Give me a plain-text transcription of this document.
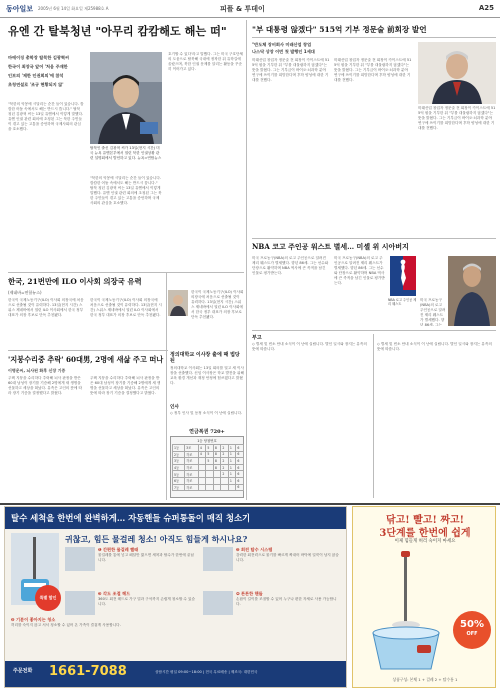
동아일보 2005년 6월 14일 화요일 제25988호 A	피플 & 투데이	A25
유엔 간 탈북청년 "아무리 캄캄해도 해는 떠"
마에이징 총학장 탈북한 김광혁씨
한국이 최장국 앞어 '처음 주재한
인보의 '제한 인권회의'에 참석
초청연설로 '조규 현황되지 않'
"북한의 악몽에 시달리는 순간 들이 있습니다. 캄캄한 어둠 속에서도 해는 반드시 뜹니다." 탈북 청년 김광혁 씨는 13일 유엔에서 이렇게 말했다. 유엔 인권 관련 회의에 초청된 그는 북한 주민들이 겪고 있는 고통을 증언하며 국제사회의 관심을 호소했다.
탈북인 출신 김광혁 씨가 13일(현지 시간) 미국 뉴욕 유엔본부에서 열린 북한 인권상황 관련 설명회에서 발언하고 있다. 뉴욕=연합뉴스
"북한의 악몽에 시달리는 순간 들이 있습니다. 캄캄한 어둠 속에서도 해는 반드시 뜹니다." 탈북 청년 김광혁 씨는 13일 유엔에서 이렇게 말했다. 유엔 인권 관련 회의에 초청된 그는 북한 주민들이 겪고 있는 고통을 증언하며 국제사회의 관심을 호소했다.
호기할 수 있다'라고 말했다. 그는 미국 구호단체의 도움으로 탈북해 국내에 정착한 뒤 유학길에 올랐으며, 북한 인권 문제를 알리는 활동을 꾸준히 이어가고 있다.
한국, 21번만에 ILO 이사회 의장국 유력
(제네바=연합뉴스)
한국이 국제노동기구(ILO) 이사회 의장국에 처음으로 선출될 것이 유력하다. 13일(현지 시간) 스위스 제네바에서 열린 ILO 이사회에서 한국 정부 대표가 의장 후보로 단독 추천됐다.
한국이 국제노동기구(ILO) 이사회 의장국에 처음으로 선출될 것이 유력하다. 13일(현지 시간) 스위스 제네바에서 열린 ILO 이사회에서 한국 정부 대표가 의장 후보로 단독 추천됐다.
한국이 국제노동기구(ILO) 이사회 의장국에 처음으로 선출될 것이 유력하다. 13일(현지 시간) 스위스 제네바에서 열린 ILO 이사회에서 한국 정부 대표가 의장 후보로 단독 추천됐다.
'지붕수리중 추락' 60대男, 2명에 새삶 주고 떠나
이명운씨, 뇌사된 화후 신장 기증
주택 지붕을 수리하다 추락해 뇌사 판정을 받은 60대 남성이 장기를 기증해 2명에게 새 생명을 선물하고 세상을 떠났다. 유족은 고인의 뜻에 따라 장기 기증을 결정했다고 밝혔다.
주택 지붕을 수리하다 추락해 뇌사 판정을 받은 60대 남성이 장기를 기증해 2명에게 새 생명을 선물하고 세상을 떠났다. 유족은 고인의 뜻에 따라 장기 기증을 결정했다고 밝혔다.
정의대학교 이사장 출에 때 법당된
정의대학교 이사회는 13일 회의를 열고 새 이사장을 선출했다. 신임 이사장은 학교 발전을 위해 교육 환경 개선과 재정 안정에 힘쓰겠다고 밝혔다.
인사
◇ 정부 인사 및 동정 소식이 이 난에 실립니다.
연금복권 720+
1등 당첨번호
1등	3조	4	5	8	2	1	6
2등	각조	4	5	8	2	1	6
3등	각조		5	8	2	1	6
4등	각조			8	2	1	6
5등	각조				2	1	6
6등	각조					1	6
7등	각조						6
"부 대통령 않겠다" 515억 기부 정문술 前회장 발언
"반도체 장비회사 미래산업 창업
나스닥 상장 이번 첫 발행인 1세대
미래산업 창업자 정문술 전 회장이 카이스트에 515억 원을 기부한 뒤 "부를 대물림하지 않겠다"는 뜻을 밝혔다. 그는 기부금이 바이오·뇌과학 분야 연구에 쓰이기를 희망한다며 후학 양성에 대한 기대를 전했다.
미래산업 창업자 정문술 전 회장이 카이스트에 515억 원을 기부한 뒤 "부를 대물림하지 않겠다"는 뜻을 밝혔다. 그는 기부금이 바이오·뇌과학 분야 연구에 쓰이기를 희망한다며 후학 양성에 대한 기대를 전했다.
미래산업 창업자 정문술 전 회장이 카이스트에 515억 원을 기부한 뒤 "부를 대물림하지 않겠다"는 뜻을 밝혔다. 그는 기부금이 바이오·뇌과학 분야 연구에 쓰이기를 희망한다며 후학 양성에 대한 기대를 전했다.
NBA 코고 주인공 워스트 별세… 미셸 위 시아버지
미국 프로농구(NBA)의 로고 주인공으로 알려진 제리 웨스트가 별세했다. 향년 86세. 그는 선수와 단장으로 활약하며 NBA 역사에 큰 족적을 남긴 인물로 평가받는다.
미국 프로농구(NBA)의 로고 주인공으로 알려진 제리 웨스트가 별세했다. 향년 86세. 그는 선수와 단장으로 활약하며 NBA 역사에 큰 족적을 남긴 인물로 평가받는다.
NBA 로고 주인공 제리 웨스트
미국 프로농구(NBA)의 로고 주인공으로 알려진 제리 웨스트가 별세했다. 향년 86세. 그는
부고
◇ 별세 및 빈소 안내 소식이 이 난에 실립니다. 발인 일시와 장지는 유족의 뜻에 따릅니다.
◇ 별세 및 빈소 안내 소식이 이 난에 실립니다. 발인 일시와 장지는 유족의 뜻에 따릅니다.
탈수 세척을 한번에 완벽하게… 자동핸들 슈퍼통돌이 매직 청소기
귀찮고, 힘든 물걸레 청소! 아직도 힘들게 하시나요?
특별 할인
❶ 간편한 물걸레 빨래
물걸레를 통에 넣고 페달만 밟으면 세척과 탈수가 한번에 끝납니다.
❷ 회전 탈수 시스템
강력한 회전력으로 물기를 빠르게 짜내어 바닥에 얼룩이 남지 않습니다.
❸ 각도 조절 헤드
360도 회전 헤드로 가구 밑과 구석까지 손쉽게 청소할 수 있습니다.
❹ 튼튼한 핸들
손잡이 길이를 조절할 수 있어 누구나 편한 자세로 사용 가능합니다.
❺ 기분이 좋아지는 청소
허리를 숙이지 않고 서서 청소할 수 있어 온 가족이 즐겁게 사용합니다.
주문전화 1661-7088	상담시간 평일 09:00~18:00 | 전국 무료배송 | 제조국: 대한민국
닦고! 빨고! 짜고!
3단계를 한번에 쉽게
이제 힘들게 허리 숙이지 마세요
50%
OFF
상품구성: 본체 1 + 걸레 2 + 탈수통 1
